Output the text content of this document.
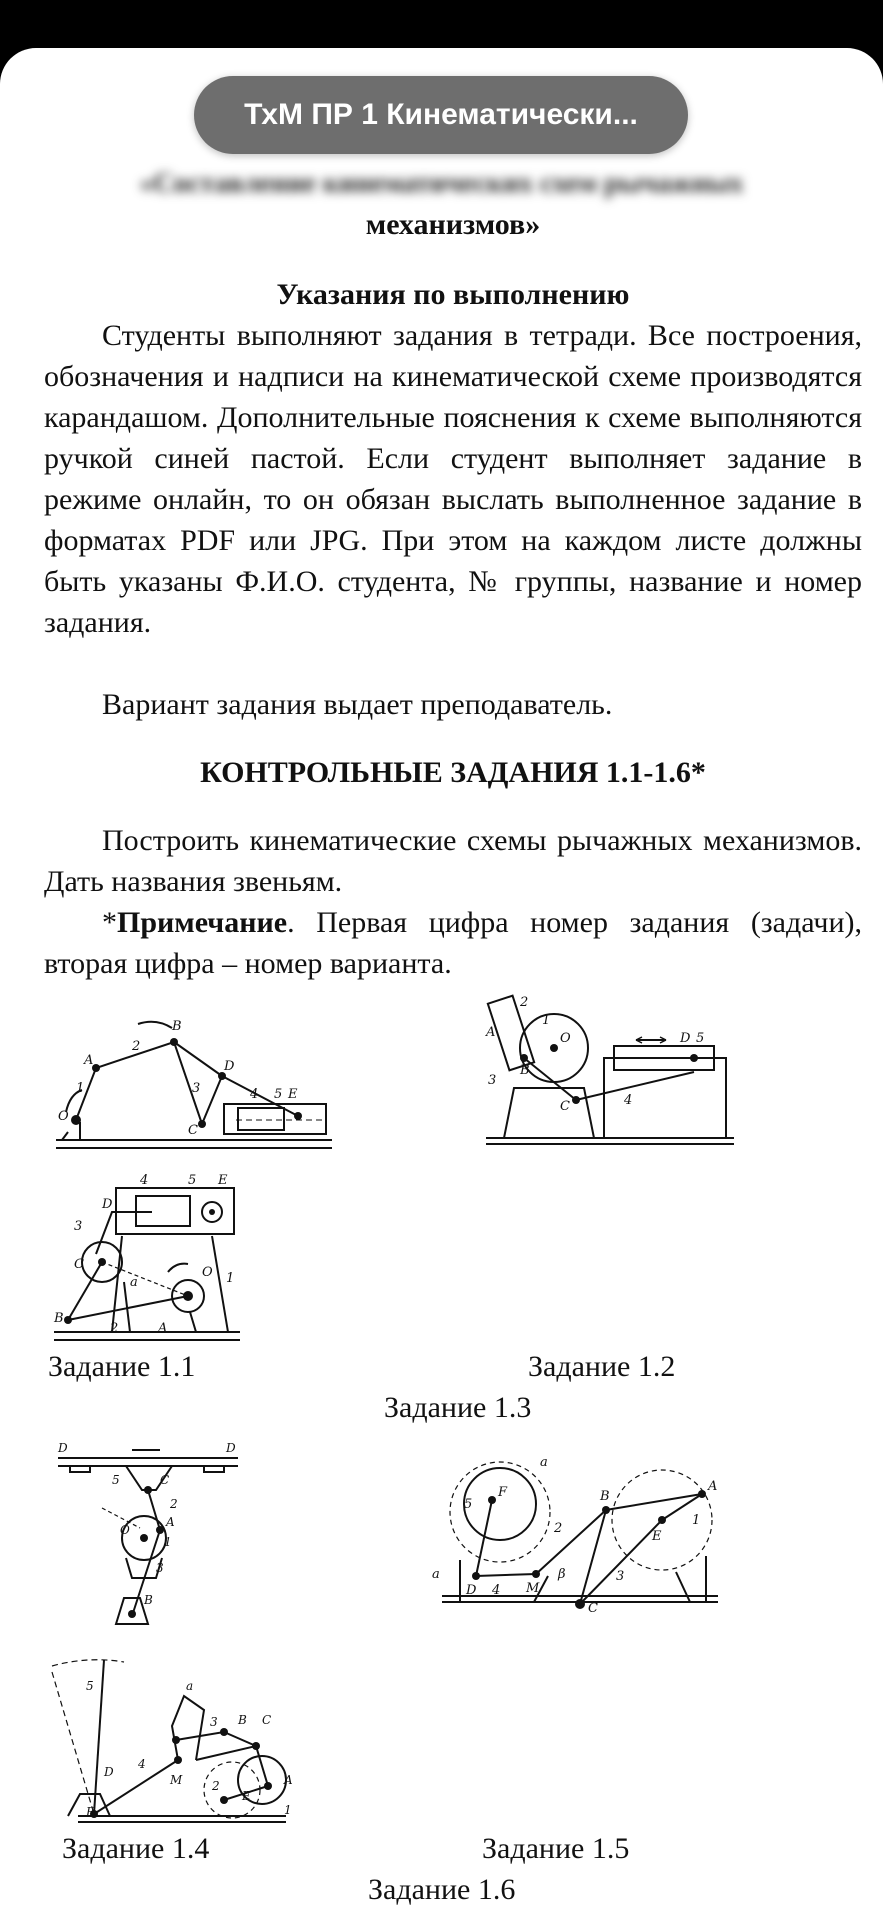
ТхМ ПР 1 Кинематически...
«Составление кинематических схем рычажных
механизмов»
Указания по выполнению
Студенты выполняют задания в тетради. Все построения, обозначения и надписи на кинематической схеме производятся карандашом. Дополнительные пояснения к схеме выполняются ручкой синей пастой. Если студент выполняет задание в режиме онлайн, то он обязан выслать выполненное задание в форматах PDF или JPG. При этом на каждом листе должны быть указаны Ф.И.О. студента, № группы, название и номер задания.
Вариант задания выдает преподаватель.
КОНТРОЛЬНЫЕ ЗАДАНИЯ 1.1-1.6*
Построить кинематические схемы рычажных механизмов. Дать названия звеньям.
*Примечание. Первая цифра номер задания (задачи), вторая цифра – номер варианта.
O
1
A
2
B
3
C
D
4 5 E
A
2
O
1
3
B
C	4
D 5
4	5 E
D
3
C
a
B
2	A
O 1
Задание 1.1	Задание 1.2
Задание 1.3
D	D
5	C
2
A
O
1
3
B
a
5
F
2
B
A
E
1
a
D 4 M
β	3
C
a
5
3 B C
D
4
A
M
E
2
F	1
Задание 1.4	Задание 1.5
Задание 1.6
